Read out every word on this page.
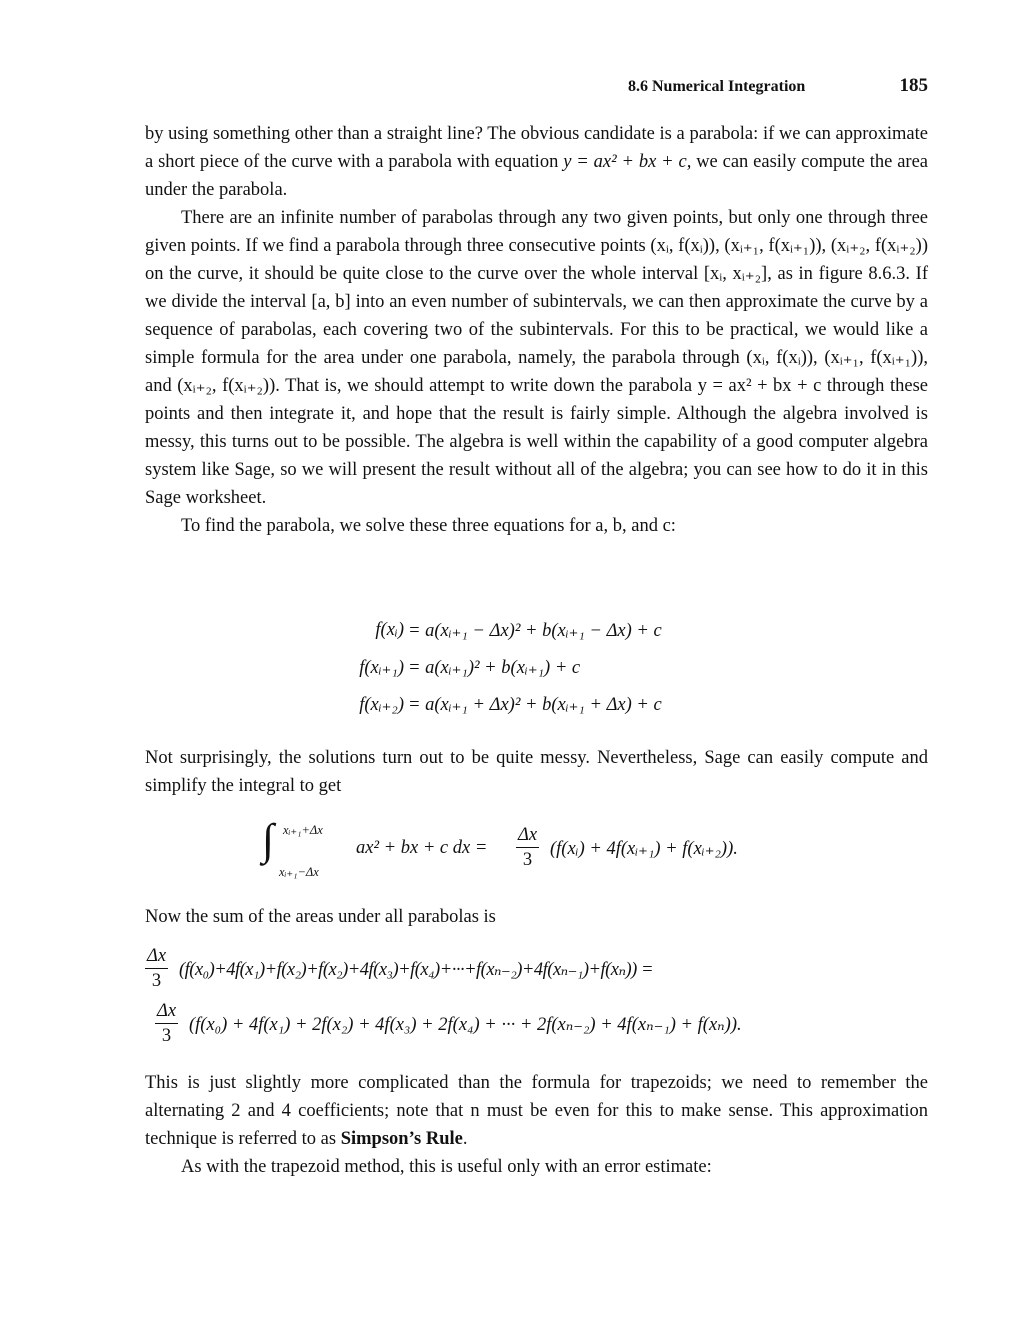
8.6 Numerical Integration	185

by using something other than a straight line? The obvious candidate is a parabola: if we can approximate a short piece of the curve with a parabola with equation y = ax² + bx + c, we can easily compute the area under the parabola.

There are an infinite number of parabolas through any two given points, but only one through three given points. If we find a parabola through three consecutive points (xᵢ, f(xᵢ)), (xᵢ₊₁, f(xᵢ₊₁)), (xᵢ₊₂, f(xᵢ₊₂)) on the curve, it should be quite close to the curve over the whole interval [xᵢ, xᵢ₊₂], as in figure 8.6.3. If we divide the interval [a, b] into an even number of subintervals, we can then approximate the curve by a sequence of parabolas, each covering two of the subintervals. For this to be practical, we would like a simple formula for the area under one parabola, namely, the parabola through (xᵢ, f(xᵢ)), (xᵢ₊₁, f(xᵢ₊₁)), and (xᵢ₊₂, f(xᵢ₊₂)). That is, we should attempt to write down the parabola y = ax² + bx + c through these points and then integrate it, and hope that the result is fairly simple. Although the algebra involved is messy, this turns out to be possible. The algebra is well within the capability of a good computer algebra system like Sage, so we will present the result without all of the algebra; you can see how to do it in this Sage worksheet.

To find the parabola, we solve these three equations for a, b, and c:

f(xᵢ) = a(xᵢ₊₁ − Δx)² + b(xᵢ₊₁ − Δx) + c
f(xᵢ₊₁) = a(xᵢ₊₁)² + b(xᵢ₊₁) + c
f(xᵢ₊₂) = a(xᵢ₊₁ + Δx)² + b(xᵢ₊₁ + Δx) + c

Not surprisingly, the solutions turn out to be quite messy. Nevertheless, Sage can easily compute and simplify the integral to get

∫ xᵢ₊₁+Δx
xᵢ₊₁−Δx
ax² + bx + c dx = $\frac{\Delta x}{3}$ (f(xᵢ) + 4f(xᵢ₊₁) + f(xᵢ₊₂)).

Now the sum of the areas under all parabolas is

$\frac{\Delta x}{3} (f(x_0)+4f(x_1)+f(x_2)+f(x_2)+4f(x_3)+f(x_4)+\cdot\cdot\cdot+f(x_{n-2})+4f(x_{n-1})+f(x_n))$ =
$\frac{\Delta x}{3} (f(x_0) + 4f(x_1) + 2f(x_2) + 4f(x_3) + 2f(x_4)$ + ··· + 2f(xₙ₋₂) + 4f(xₙ₋₁) + f(xₙ)).

This is just slightly more complicated than the formula for trapezoids; we need to remember the alternating 2 and 4 coefficients; note that n must be even for this to make sense. This approximation technique is referred to as Simpson’s Rule.

As with the trapezoid method, this is useful only with an error estimate:
